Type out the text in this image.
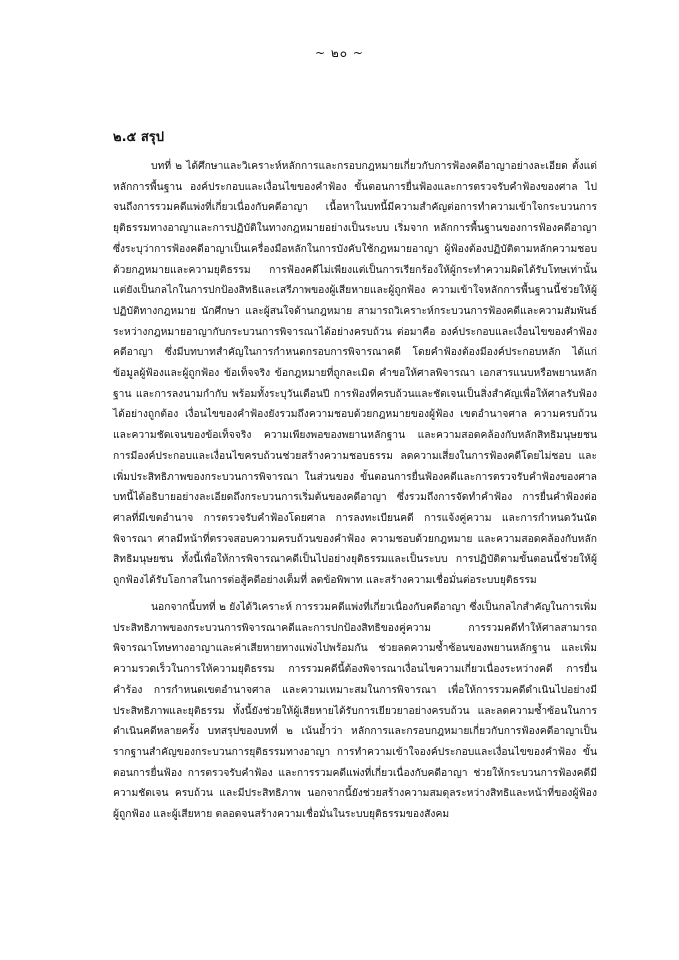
~ ๒๐ ~
๒.๕ สรุป

บทที่ ๒ ได้ศึกษาและวิเคราะห์หลักการและกรอบกฎหมายเกี่ยวกับการฟ้องคดีอาญาอย่างละเอียด ตั้งแต่หลักการพื้นฐาน องค์ประกอบและเงื่อนไขของคำฟ้อง ขั้นตอนการยื่นฟ้องและการตรวจรับคำฟ้องของศาล ไปจนถึงการรวมคดีแพ่งที่เกี่ยวเนื่องกับคดีอาญา เนื้อหาในบทนี้มีความสำคัญต่อการทำความเข้าใจกระบวนการยุติธรรมทางอาญาและการปฏิบัติในทางกฎหมายอย่างเป็นระบบ เริ่มจาก หลักการพื้นฐานของการฟ้องคดีอาญา ซึ่งระบุว่าการฟ้องคดีอาญาเป็นเครื่องมือหลักในการบังคับใช้กฎหมายอาญา ผู้ฟ้องต้องปฏิบัติตามหลักความชอบด้วยกฎหมายและความยุติธรรม การฟ้องคดีไม่เพียงแต่เป็นการเรียกร้องให้ผู้กระทำความผิดได้รับโทษเท่านั้น แต่ยังเป็นกลไกในการปกป้องสิทธิและเสรีภาพของผู้เสียหายและผู้ถูกฟ้อง ความเข้าใจหลักการพื้นฐานนี้ช่วยให้ผู้ปฏิบัติทางกฎหมาย นักศึกษา และผู้สนใจด้านกฎหมาย สามารถวิเคราะห์กระบวนการฟ้องคดีและความสัมพันธ์ระหว่างกฎหมายอาญากับกระบวนการพิจารณาได้อย่างครบถ้วน ต่อมาคือ องค์ประกอบและเงื่อนไขของคำฟ้องคดีอาญา ซึ่งมีบทบาทสำคัญในการกำหนดกรอบการพิจารณาคดี โดยคำฟ้องต้องมีองค์ประกอบหลัก ได้แก่ ข้อมูลผู้ฟ้องและผู้ถูกฟ้อง ข้อเท็จจริง ข้อกฎหมายที่ถูกละเมิด คำขอให้ศาลพิจารณา เอกสารแนบหรือพยานหลักฐาน และการลงนามกำกับ พร้อมทั้งระบุวันเดือนปี การฟ้องที่ครบถ้วนและชัดเจนเป็นสิ่งสำคัญเพื่อให้ศาลรับฟ้องได้อย่างถูกต้อง เงื่อนไขของคำฟ้องยังรวมถึงความชอบด้วยกฎหมายของผู้ฟ้อง เขตอำนาจศาล ความครบถ้วนและความชัดเจนของข้อเท็จจริง ความเพียงพอของพยานหลักฐาน และความสอดคล้องกับหลักสิทธิมนุษยชน การมีองค์ประกอบและเงื่อนไขครบถ้วนช่วยสร้างความชอบธรรม ลดความเสี่ยงในการฟ้องคดีโดยไม่ชอบ และเพิ่มประสิทธิภาพของกระบวนการพิจารณา ในส่วนของ ขั้นตอนการยื่นฟ้องคดีและการตรวจรับคำฟ้องของศาล บทนี้ได้อธิบายอย่างละเอียดถึงกระบวนการเริ่มต้นของคดีอาญา ซึ่งรวมถึงการจัดทำคำฟ้อง การยื่นคำฟ้องต่อศาลที่มีเขตอำนาจ การตรวจรับคำฟ้องโดยศาล การลงทะเบียนคดี การแจ้งคู่ความ และการกำหนดวันนัดพิจารณา ศาลมีหน้าที่ตรวจสอบความครบถ้วนของคำฟ้อง ความชอบด้วยกฎหมาย และความสอดคล้องกับหลักสิทธิมนุษยชน ทั้งนี้เพื่อให้การพิจารณาคดีเป็นไปอย่างยุติธรรมและเป็นระบบ การปฏิบัติตามขั้นตอนนี้ช่วยให้ผู้ถูกฟ้องได้รับโอกาสในการต่อสู้คดีอย่างเต็มที่ ลดข้อพิพาท และสร้างความเชื่อมั่นต่อระบบยุติธรรม

นอกจากนี้บทที่ ๒ ยังได้วิเคราะห์ การรวมคดีแพ่งที่เกี่ยวเนื่องกับคดีอาญา ซึ่งเป็นกลไกสำคัญในการเพิ่มประสิทธิภาพของกระบวนการพิจารณาคดีและการปกป้องสิทธิของคู่ความ การรวมคดีทำให้ศาลสามารถพิจารณาโทษทางอาญาและค่าเสียหายทางแพ่งไปพร้อมกัน ช่วยลดความซ้ำซ้อนของพยานหลักฐาน และเพิ่มความรวดเร็วในการให้ความยุติธรรม การรวมคดีนี้ต้องพิจารณาเงื่อนไขความเกี่ยวเนื่องระหว่างคดี การยื่นคำร้อง การกำหนดเขตอำนาจศาล และความเหมาะสมในการพิจารณา เพื่อให้การรวมคดีดำเนินไปอย่างมีประสิทธิภาพและยุติธรรม ทั้งนี้ยังช่วยให้ผู้เสียหายได้รับการเยียวยาอย่างครบถ้วน และลดความซ้ำซ้อนในการดำเนินคดีหลายครั้ง บทสรุปของบทที่ ๒ เน้นย้ำว่า หลักการและกรอบกฎหมายเกี่ยวกับการฟ้องคดีอาญาเป็นรากฐานสำคัญของกระบวนการยุติธรรมทางอาญา การทำความเข้าใจองค์ประกอบและเงื่อนไขของคำฟ้อง ขั้นตอนการยื่นฟ้อง การตรวจรับคำฟ้อง และการรวมคดีแพ่งที่เกี่ยวเนื่องกับคดีอาญา ช่วยให้กระบวนการฟ้องคดีมีความชัดเจน ครบถ้วน และมีประสิทธิภาพ นอกจากนี้ยังช่วยสร้างความสมดุลระหว่างสิทธิและหน้าที่ของผู้ฟ้อง ผู้ถูกฟ้อง และผู้เสียหาย ตลอดจนสร้างความเชื่อมั่นในระบบยุติธรรมของสังคม
